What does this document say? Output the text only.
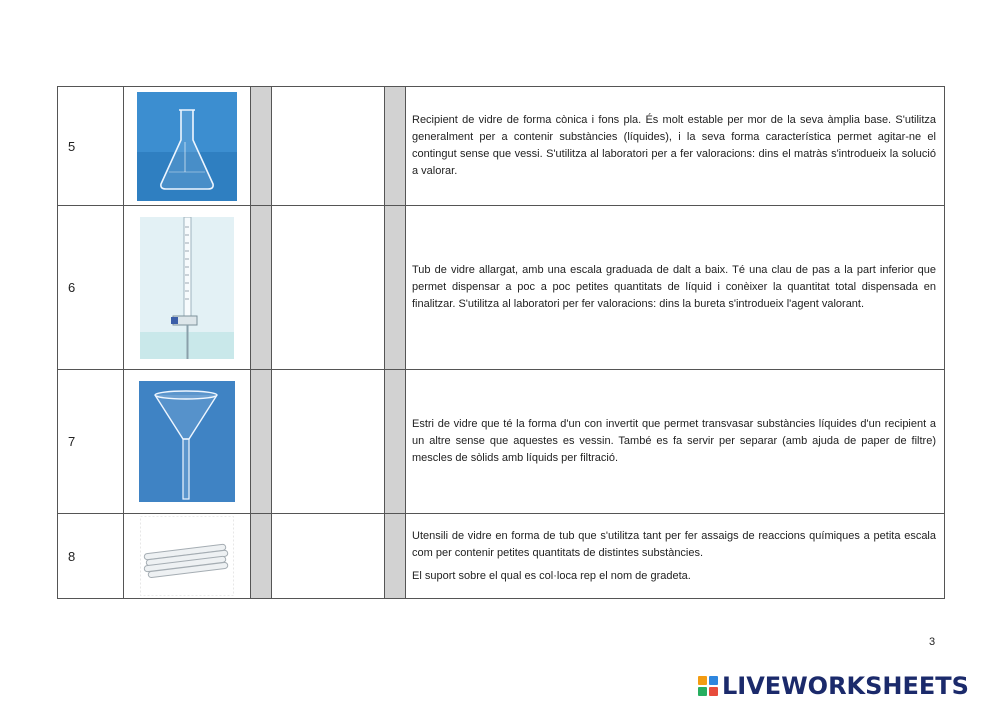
5					Recipient de vidre de forma cònica i fons pla. És molt estable per mor de la seva àmplia base. S'utilitza generalment per a contenir substàncies (líquides), i la seva forma característica permet agitar-ne el contingut sense que vessi. S'utilitza al laboratori per a fer valoracions: dins el matràs s'introdueix la solució a valorar.

6					Tub de vidre allargat, amb una escala graduada de dalt a baix. Té una clau de pas a la part inferior que permet dispensar a poc a poc petites quantitats de líquid i conèixer la quantitat total dispensada en finalitzar. S'utilitza al laboratori per fer valoracions: dins la bureta s'introdueix l'agent valorant.

7					Estri de vidre que té la forma d'un con invertit que permet transvasar substàncies líquides d'un recipient a un altre sense que aquestes es vessin. També es fa servir per separar (amb ajuda de paper de filtre) mescles de sòlids amb líquids per filtració.

8					Utensili de vidre en forma de tub que s'utilitza tant per fer assaigs de reaccions químiques a petita escala com per contenir petites quantitats de distintes substàncies.

El suport sobre el qual es col·loca rep el nom de gradeta.

3
LIVEWORKSHEETS
